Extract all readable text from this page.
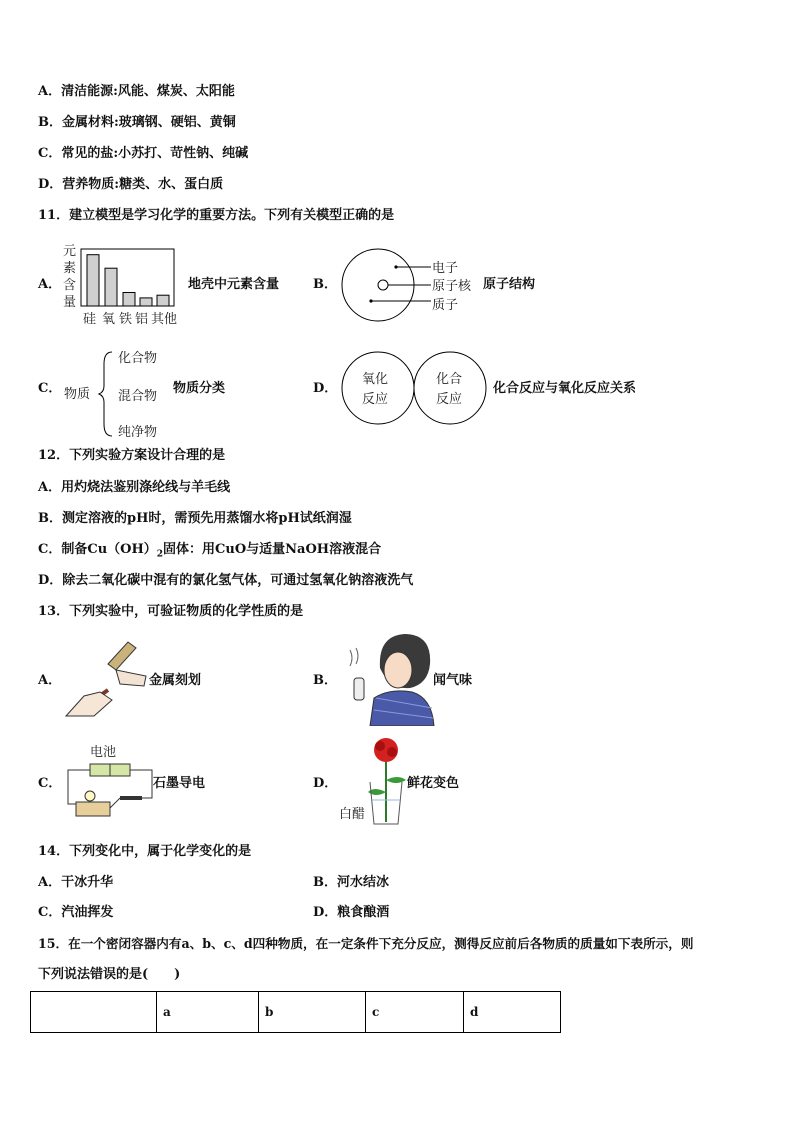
A．清洁能源:风能、煤炭、太阳能
B．金属材料:玻璃钢、硬铝、黄铜
C．常见的盐:小苏打、苛性钠、纯碱
D．营养物质:糖类、水、蛋白质
11．建立模型是学习化学的重要方法。下列有关模型正确的是
A．
元
素
含
量
硅 氧 铁 铝 其他
地壳中元素含量	B．
电子
原子核
质子
原子结构
C． 物质
化合物
混合物
纯净物
物质分类	D．
氧化
反应
化合
反应
化合反应与氧化反应关系
12．下列实验方案设计合理的是
A．用灼烧法鉴别涤纶线与羊毛线
B．测定溶液的pH时，需预先用蒸馏水将pH试纸润湿
C．制备$Cu(OH)_2$固体：用CuO与适量NaOH溶液混合
D．除去二氧化碳中混有的氯化氢气体，可通过氢氧化钠溶液洗气
13．下列实验中，可验证物质的化学性质的是
A．	金属刻划	B．	闻气味
C．
电池
石墨导电	D．
白醋
鲜花变色
14．下列变化中，属于化学变化的是
A．干冰升华	B．河水结冰
C．汽油挥发	D．粮食酿酒
15．在一个密闭容器内有a、b、c、d四种物质，在一定条件下充分反应，测得反应前后各物质的质量如下表所示，则
下列说法错误的是(　　)
	a	b	c	d
